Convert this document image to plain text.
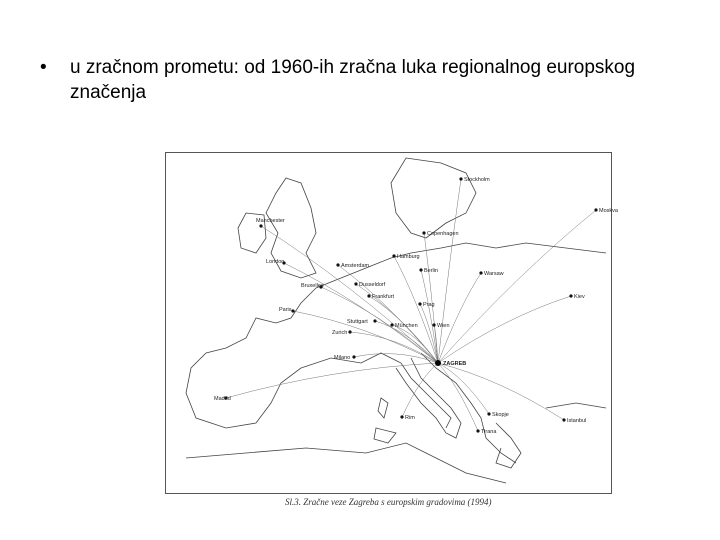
•	u zračnom prometu: od 1960-ih zračna luka regionalnog europskog značenja
Stockholm
Moskva
Manchester
Copenhagen
London
Amsterdam
Hamburg
Berlin	Warsaw
Bruxelles	Dusseldorf
Frankfurt	Kiev
Paris
Stuttgart
Prag
Zurich
München	Wien
Milano
Madrid
Rim	Skopje
Istanbul
Tirana
ZAGREB
Sl.3. Zračne veze Zagreba s europskim gradovima (1994)
